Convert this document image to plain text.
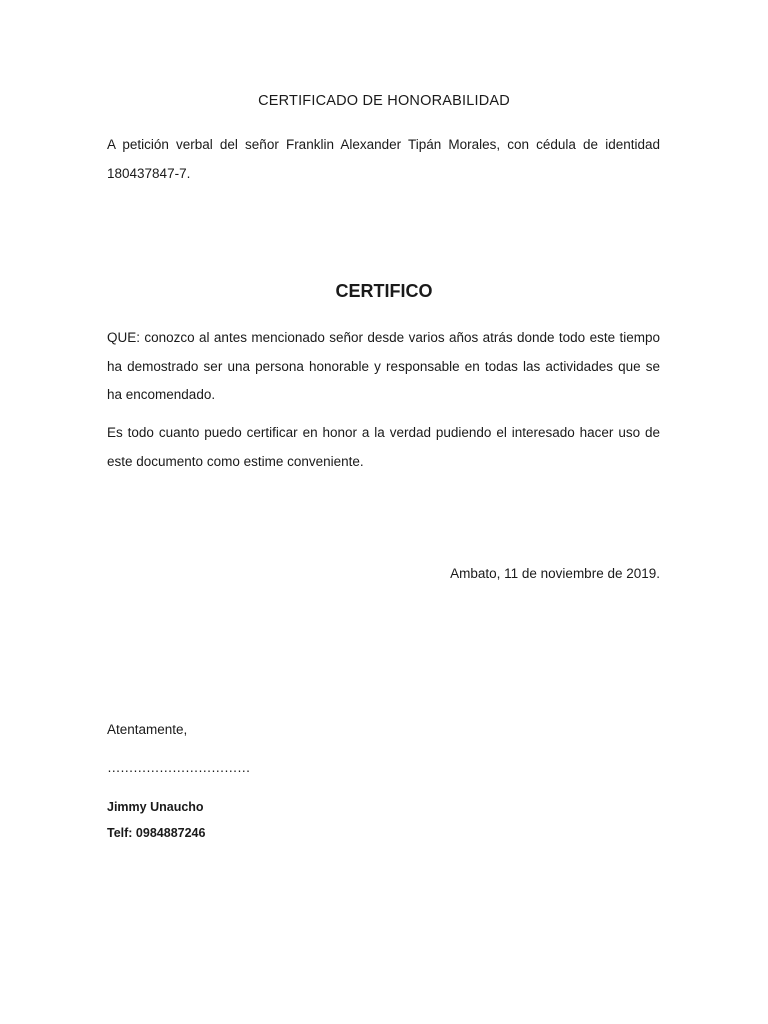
CERTIFICADO DE HONORABILIDAD

A petición verbal del señor Franklin Alexander Tipán Morales, con cédula de identidad 180437847-7.

CERTIFICO

QUE: conozco al antes mencionado señor desde varios años atrás donde todo este tiempo ha demostrado ser una persona honorable y responsable en todas las actividades que se ha encomendado.

Es todo cuanto puedo certificar en honor a la verdad pudiendo el interesado hacer uso de este documento como estime conveniente.

Ambato, 11 de noviembre de 2019.
Atentamente,
……………………………
Jimmy Unaucho
Telf: 0984887246
